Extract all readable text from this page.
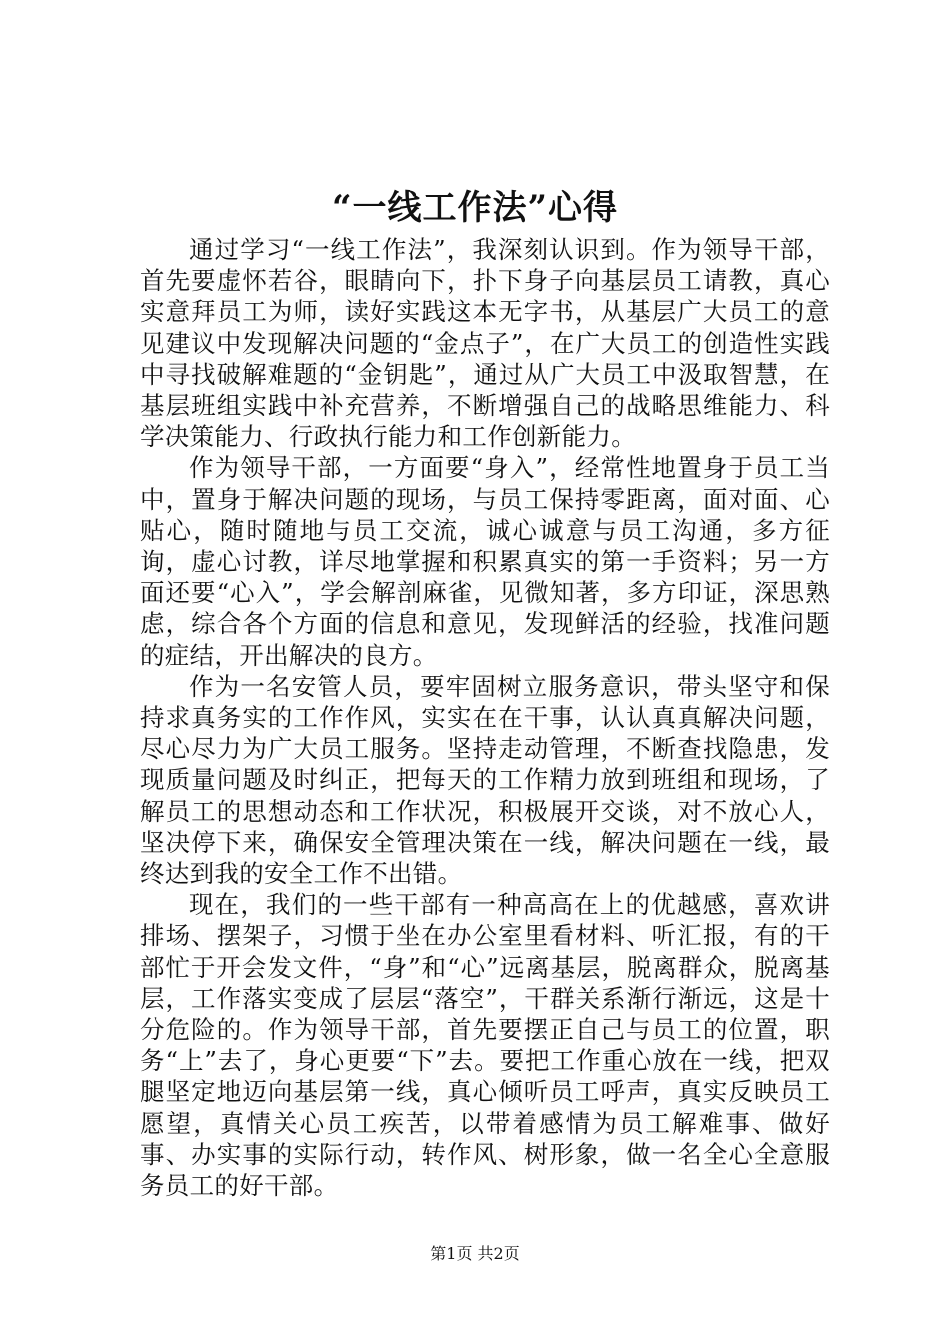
“一线工作法”心得

通过学习“一线工作法”，我深刻认识到。作为领导干部，首先要虚怀若谷，眼睛向下，扑下身子向基层员工请教，真心实意拜员工为师，读好实践这本无字书，从基层广大员工的意见建议中发现解决问题的“金点子”，在广大员工的创造性实践中寻找破解难题的“金钥匙”，通过从广大员工中汲取智慧，在基层班组实践中补充营养，不断增强自己的战略思维能力、科学决策能力、行政执行能力和工作创新能力。

作为领导干部，一方面要“身入”，经常性地置身于员工当中，置身于解决问题的现场，与员工保持零距离，面对面、心贴心，随时随地与员工交流，诚心诚意与员工沟通，多方征询，虚心讨教，详尽地掌握和积累真实的第一手资料；另一方面还要“心入”，学会解剖麻雀，见微知著，多方印证，深思熟虑，综合各个方面的信息和意见，发现鲜活的经验，找准问题的症结，开出解决的良方。

作为一名安管人员，要牢固树立服务意识，带头坚守和保持求真务实的工作作风，实实在在干事，认认真真解决问题，尽心尽力为广大员工服务。坚持走动管理，不断查找隐患，发现质量问题及时纠正，把每天的工作精力放到班组和现场，了解员工的思想动态和工作状况，积极展开交谈，对不放心人，坚决停下来，确保安全管理决策在一线，解决问题在一线，最终达到我的安全工作不出错。

现在，我们的一些干部有一种高高在上的优越感，喜欢讲排场、摆架子，习惯于坐在办公室里看材料、听汇报，有的干部忙于开会发文件，“身”和“心”远离基层，脱离群众，脱离基层，工作落实变成了层层“落空”，干群关系渐行渐远，这是十分危险的。作为领导干部，首先要摆正自己与员工的位置，职务“上”去了，身心更要“下”去。要把工作重心放在一线，把双腿坚定地迈向基层第一线，真心倾听员工呼声，真实反映员工愿望，真情关心员工疾苦，以带着感情为员工解难事、做好事、办实事的实际行动，转作风、树形象，做一名全心全意服务员工的好干部。

第1页 共2页
